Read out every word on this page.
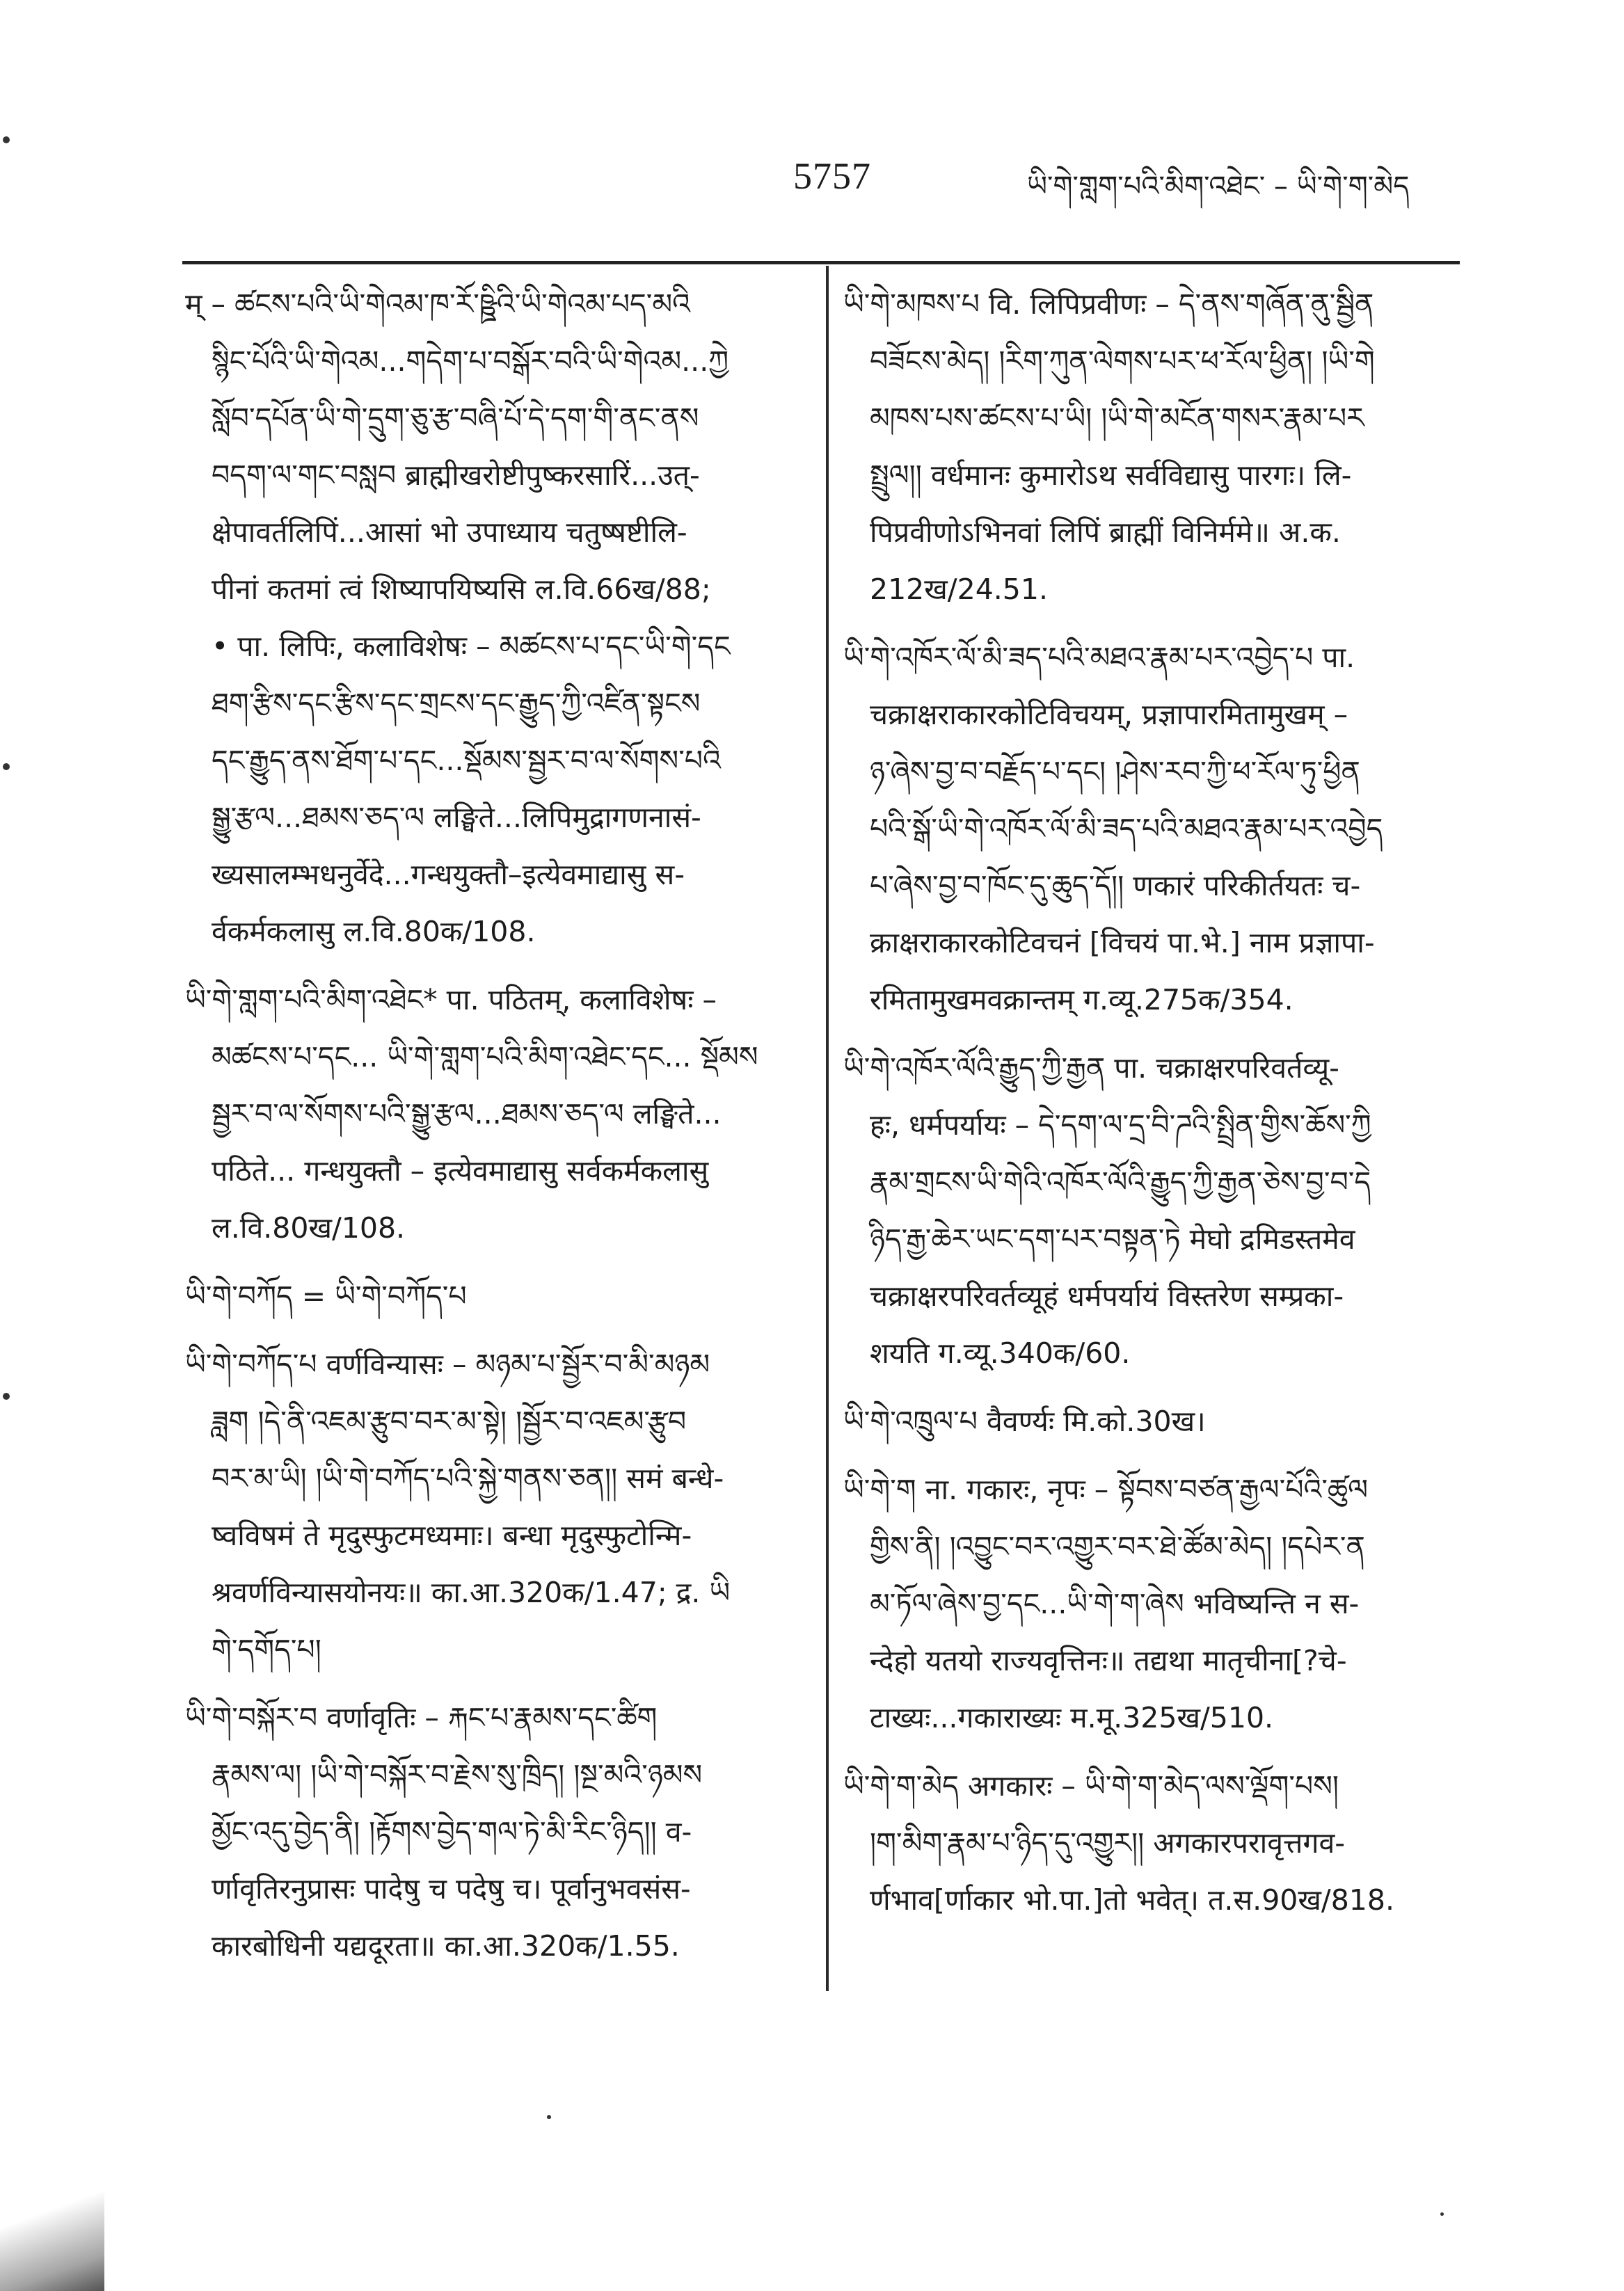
5757	ཡི་གེ་གླག་པའི་མིག་འཐེང་ – ཡི་གེ་ག་མེད
म् – ཚངས་པའི་ཡི་གེའམ་ཁ་རོ་ཥྛིའི་ཡི་གེའམ་པད་མའི
སྙིང་པོའི་ཡི་གེའམ...གདེག་པ་བསྒོར་བའི་ཡི་གེའམ...ཀྱེ
སློབ་དཔོན་ཡི་གེ་དྲུག་ཅུ་རྩ་བཞི་པོ་དེ་དག་གི་ནང་ནས
བདག་ལ་གང་བསླབ ब्राह्मीखरोष्टीपुष्करसारिं...उत्-
क्षेपावर्तलिपिं...आसां भो उपाध्याय चतुष्षष्टीलि-
पीनां कतमां त्वं शिष्यापयिष्यसि ल.वि.66ख/88;
• पा. लिपिः, कलाविशेषः – མཚངས་པ་དང་ཡི་གེ་དང
ཐག་རྩིས་དང་རྩིས་དང་གྲངས་དང་རྒྱུད་ཀྱི་འཛིན་སྟངས
དང་རྒྱུད་ནས་ཐོག་པ་དང...སྡོམས་སྦྱར་བ་ལ་སོགས་པའི
སྒྱུ་རྩལ...ཐམས་ཅད་ལ लङ्घिते...लिपिमुद्रागणनासं-
ख्यसालम्भधनुर्वेदे...गन्धयुक्तौ–इत्येवमाद्यासु स-
र्वकर्मकलासु ल.वि.80क/108.
ཡི་གེ་གླག་པའི་མིག་འཐེང* पा. पठितम्, कलाविशेषः –
མཚངས་པ་དང... ཡི་གེ་གླག་པའི་མིག་འཐེང་དང... སྡོམས
སྦྱར་བ་ལ་སོགས་པའི་སྒྱུ་རྩལ...ཐམས་ཅད་ལ लङ्घिते...
पठिते... गन्धयुक्तौ – इत्येवमाद्यासु सर्वकर्मकलासु
ल.वि.80ख/108.
ཡི་གེ་བཀོད = ཡི་གེ་བཀོད་པ
ཡི་གེ་བཀོད་པ वर्णविन्यासः – མཉམ་པ་སྦྱོར་བ་མི་མཉམ
ཟླག །དེ་ནི་འཇམ་རྩུབ་བར་མ་སྟེ། །སྦྱོར་བ་འཇམ་རྩུབ
བར་མ་ཡི། །ཡི་གེ་བཀོད་པའི་སྐྱེ་གནས་ཅན།། समं बन्धे-
ष्वविषमं ते मृदुस्फुटमध्यमाः। बन्धा मृदुस्फुटोन्मि-
श्रवर्णविन्यासयोनयः॥ का.आ.320क/1.47; द्र. ཡི
གེ་དགོད་པ།
ཡི་གེ་བསྐོར་བ वर्णावृतिः – རྐང་པ་རྣམས་དང་ཚིག
རྣམས་ལ། །ཡི་གེ་བསྐོར་བ་རྗེས་སུ་ཁྲིད། །སྔ་མའི་ཉམས
མྱོང་འདུ་བྱེད་ནི། །རྟོགས་བྱེད་གལ་ཏེ་མི་རིང་ཉིད།། व-
र्णावृतिरनुप्रासः पादेषु च पदेषु च। पूर्वानुभवसंस-
कारबोधिनी यद्यदूरता॥ का.आ.320क/1.55.
ཡི་གེ་མཁས་པ वि. लिपिप्रवीणः – དེ་ནས་གཞོན་ནུ་སྦྱིན
བཟོངས་མེད། །རིག་ཀུན་ལེགས་པར་ཕ་རོལ་ཕྱིན། །ཡི་གེ
མཁས་པས་ཚངས་པ་ཡི། །ཡི་གེ་མངོན་གསར་རྣམ་པར
སྤྲུལ།། वर्धमानः कुमारोऽथ सर्वविद्यासु पारगः। लि-
पिप्रवीणोऽभिनवां लिपिं ब्राह्मीं विनिर्ममे॥ अ.क.
212ख/24.51.
ཡི་གེ་འཁོར་ལོ་མི་ཟད་པའི་མཐའ་རྣམ་པར་འབྱེད་པ पा.
चक्राक्षराकारकोटिविचयम्, प्रज्ञापारमितामुखम् –
ཉ་ཞེས་བྱ་བ་བརྗོད་པ་དང། །ཤེས་རབ་ཀྱི་ཕ་རོལ་ཏུ་ཕྱིན
པའི་སྒོ་ཡི་གེ་འཁོར་ལོ་མི་ཟད་པའི་མཐའ་རྣམ་པར་འབྱེད
པ་ཞེས་བྱ་བ་ཁོང་དུ་ཆུད་དོ།། णकारं परिकीर्तयतः च-
क्राक्षराकारकोटिवचनं [विचयं पा.भे.] नाम प्रज्ञापा-
रमितामुखमवक्रान्तम् ग.व्यू.275क/354.
ཡི་གེ་འཁོར་ལོའི་རྒྱུད་ཀྱི་རྒྱན पा. चक्राक्षरपरिवर्तव्यू-
हः, धर्मपर्यायः – དེ་དག་ལ་དྲ་བི་ཌའི་སྤྲིན་གྱིས་ཆོས་ཀྱི
རྣམ་གྲངས་ཡི་གེའི་འཁོར་ལོའི་རྒྱུད་ཀྱི་རྒྱན་ཅེས་བྱ་བ་དེ
ཉིད་རྒྱ་ཆེར་ཡང་དག་པར་བསྟན་ཏེ मेघो द्रमिडस्तमेव
चक्राक्षरपरिवर्तव्यूहं धर्मपर्यायं विस्तरेण सम्प्रका-
शयति ग.व्यू.340क/60.
ཡི་གེ་འཁྲུལ་པ वैवर्ण्यः मि.को.30ख।
ཡི་གེ་ག ना. गकारः, नृपः – སྟོབས་བཙན་རྒྱལ་པོའི་ཚུལ
གྱིས་ནི། །འབྱུང་བར་འགྱུར་བར་ཐེ་ཚོམ་མེད། །དཔེར་ན
མ་ཏོལ་ཞེས་བྱ་དང...ཡི་གེ་ག་ཞེས भविष्यन्ति न स-
न्देहो यतयो राज्यवृत्तिनः॥ तद्यथा मातृचीना[?चे-
टाख्यः...गकाराख्यः म.मू.325ख/510.
ཡི་གེ་ག་མེད अगकारः – ཡི་གེ་ག་མེད་ལས་ལྡོག་པས།
།ག་མིག་རྣམ་པ་ཉིད་དུ་འགྱུར།། अगकारपरावृत्तगव-
र्णभाव[र्णाकार भो.पा.]तो भवेत्। त.स.90ख/818.
